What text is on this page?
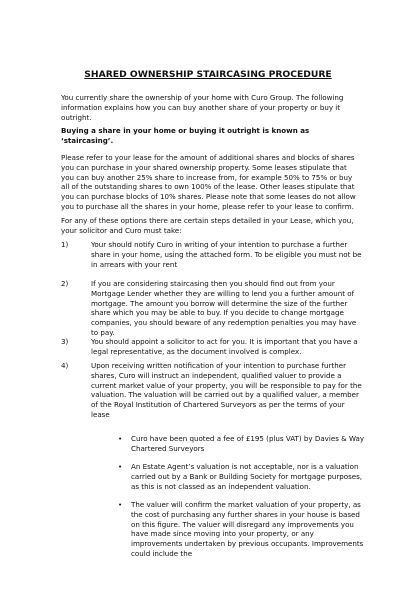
SHARED OWNERSHIP STAIRCASING PROCEDURE

You currently share the ownership of your home with Curo Group. The following information explains how you can buy another share of your property or buy it outright.

Buying a share in your home or buying it outright is known as ‘staircasing’.

Please refer to your lease for the amount of additional shares and blocks of shares you can purchase in your shared ownership property. Some leases stipulate that you can buy another 25% share to increase from, for example 50% to 75% or buy all of the outstanding shares to own 100% of the lease. Other leases stipulate that you can purchase blocks of 10% shares. Please note that some leases do not allow you to purchase all the shares in your home, please refer to your lease to confirm.

For any of these options there are certain steps detailed in your Lease, which you, your solicitor and Curo must take:

1)	Your should notify Curo in writing of your intention to purchase a further share in your home, using the attached form. To be eligible you must not be in arrears with your rent

2)	If you are considering staircasing then you should find out from your Mortgage Lender whether they are willing to lend you a further amount of mortgage. The amount you borrow will determine the size of the further share which you may be able to buy. If you decide to change mortgage companies, you should beware of any redemption penalties you may have to pay.

3)	You should appoint a solicitor to act for you. It is important that you have a legal representative, as the document involved is complex.

4)	Upon receiving written notification of your intention to purchase further shares, Curo will instruct an independent, qualified valuer to provide a current market value of your property, you will be responsible to pay for the valuation. The valuation will be carried out by a qualified valuer, a member of the Royal Institution of Chartered Surveyors as per the terms of your lease

• Curo have been quoted a fee of £195 (plus VAT) by Davies & Way Chartered Surveyors

• An Estate Agent’s valuation is not acceptable, nor is a valuation carried out by a Bank or Building Society for mortgage purposes, as this is not classed as an independent valuation.

• The valuer will confirm the market valuation of your property, as the cost of purchasing any further shares in your house is based on this figure. The valuer will disregard any improvements you have made since moving into your property, or any improvements undertaken by previous occupants. Improvements could include the
